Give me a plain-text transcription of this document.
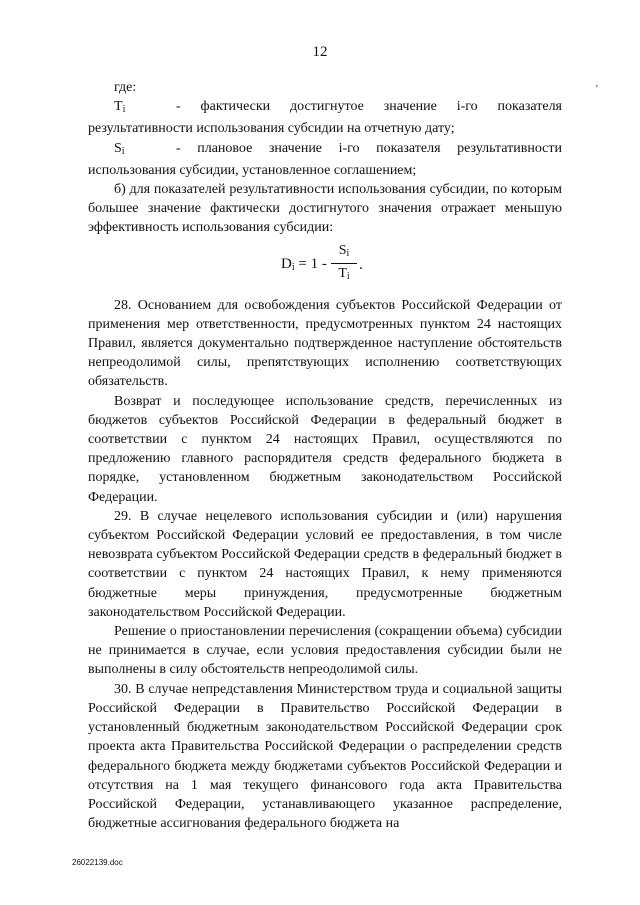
12
'

где:

$T_i$	- фактически достигнутое значение i-го показателя результативности использования субсидии на отчетную дату;

$S_i$	- плановое значение i-го показателя результативности использования субсидии, установленное соглашением;

б) для показателей результативности использования субсидии, по которым большее значение фактически достигнутого значения отражает меньшую эффективность использования субсидии:

$D_i = 1 - \frac{S_i}{T_i}$ .

28. Основанием для освобождения субъектов Российской Федерации от применения мер ответственности, предусмотренных пунктом 24 настоящих Правил, является документально подтвержденное наступление обстоятельств непреодолимой силы, препятствующих исполнению соответствующих обязательств.

Возврат и последующее использование средств, перечисленных из бюджетов субъектов Российской Федерации в федеральный бюджет в соответствии с пунктом 24 настоящих Правил, осуществляются по предложению главного распорядителя средств федерального бюджета в порядке, установленном бюджетным законодательством Российской Федерации.

29. В случае нецелевого использования субсидии и (или) нарушения субъектом Российской Федерации условий ее предоставления, в том числе невозврата субъектом Российской Федерации средств в федеральный бюджет в соответствии с пунктом 24 настоящих Правил, к нему применяются бюджетные меры принуждения, предусмотренные бюджетным законодательством Российской Федерации.

Решение о приостановлении перечисления (сокращении объема) субсидии не принимается в случае, если условия предоставления субсидии были не выполнены в силу обстоятельств непреодолимой силы.

30. В случае непредставления Министерством труда и социальной защиты Российской Федерации в Правительство Российской Федерации в установленный бюджетным законодательством Российской Федерации срок проекта акта Правительства Российской Федерации о распределении средств федерального бюджета между бюджетами субъектов Российской Федерации и отсутствия на 1 мая текущего финансового года акта Правительства Российской Федерации, устанавливающего указанное распределение, бюджетные ассигнования федерального бюджета на

26022139.doc
